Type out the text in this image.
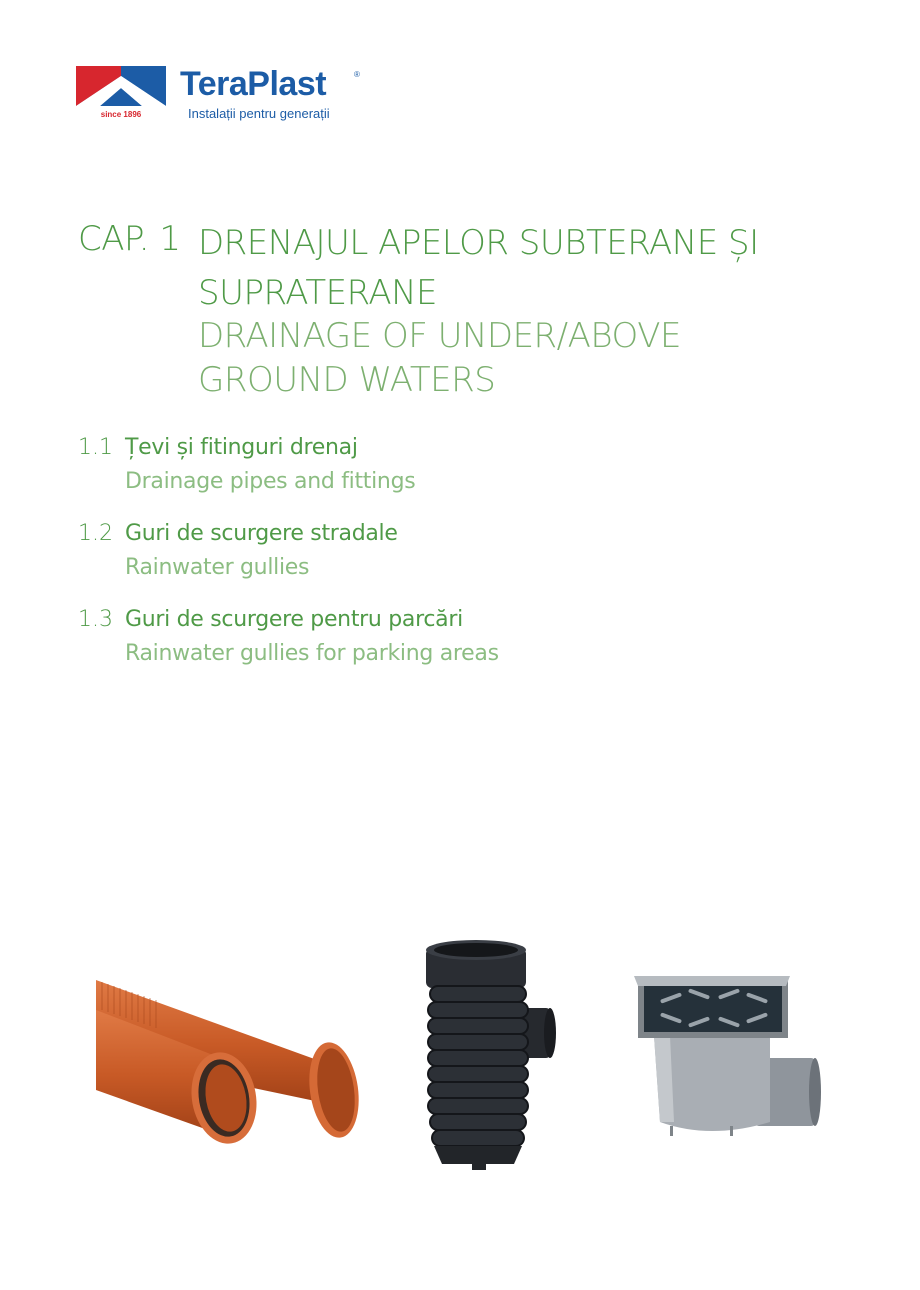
since 1896
TeraPlast	®
Instalații pentru generații
CAP. 1 DRENAJUL APELOR SUBTERANE ȘI SUPRATERANE
DRAINAGE OF UNDER/ABOVE GROUND WATERS
1.1 Țevi și fitinguri drenaj
Drainage pipes and fittings
1.2 Guri de scurgere stradale
Rainwater gullies
1.3 Guri de scurgere pentru parcări
Rainwater gullies for parking areas
